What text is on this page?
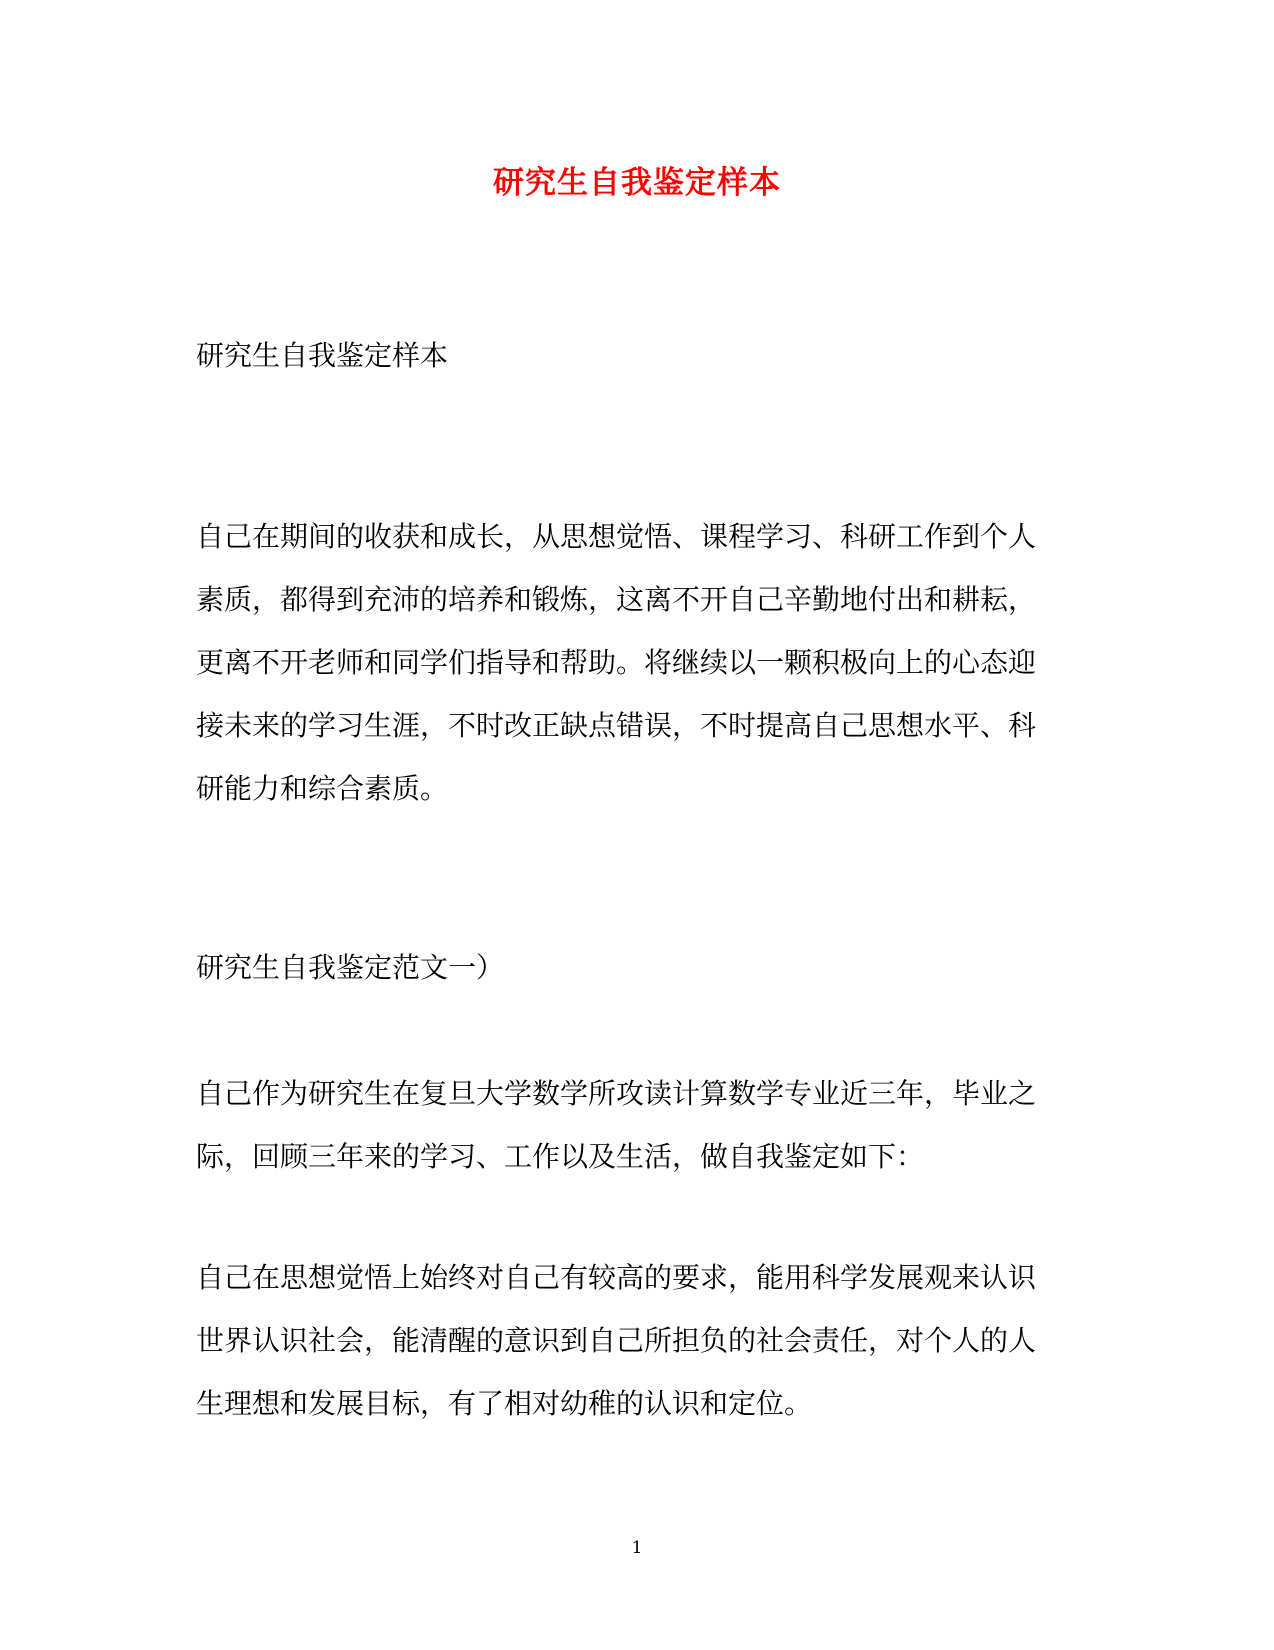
研究生自我鉴定样本

研究生自我鉴定样本

自己在期间的收获和成长，从思想觉悟、课程学习、科研工作到个人
素质，都得到充沛的培养和锻炼，这离不开自己辛勤地付出和耕耘，
更离不开老师和同学们指导和帮助。将继续以一颗积极向上的心态迎
接未来的学习生涯，不时改正缺点错误，不时提高自己思想水平、科
研能力和综合素质。

研究生自我鉴定范文一）

自己作为研究生在复旦大学数学所攻读计算数学专业近三年，毕业之
际，回顾三年来的学习、工作以及生活，做自我鉴定如下：
自己在思想觉悟上始终对自己有较高的要求，能用科学发展观来认识
世界认识社会，能清醒的意识到自己所担负的社会责任，对个人的人
生理想和发展目标，有了相对幼稚的认识和定位。
1
